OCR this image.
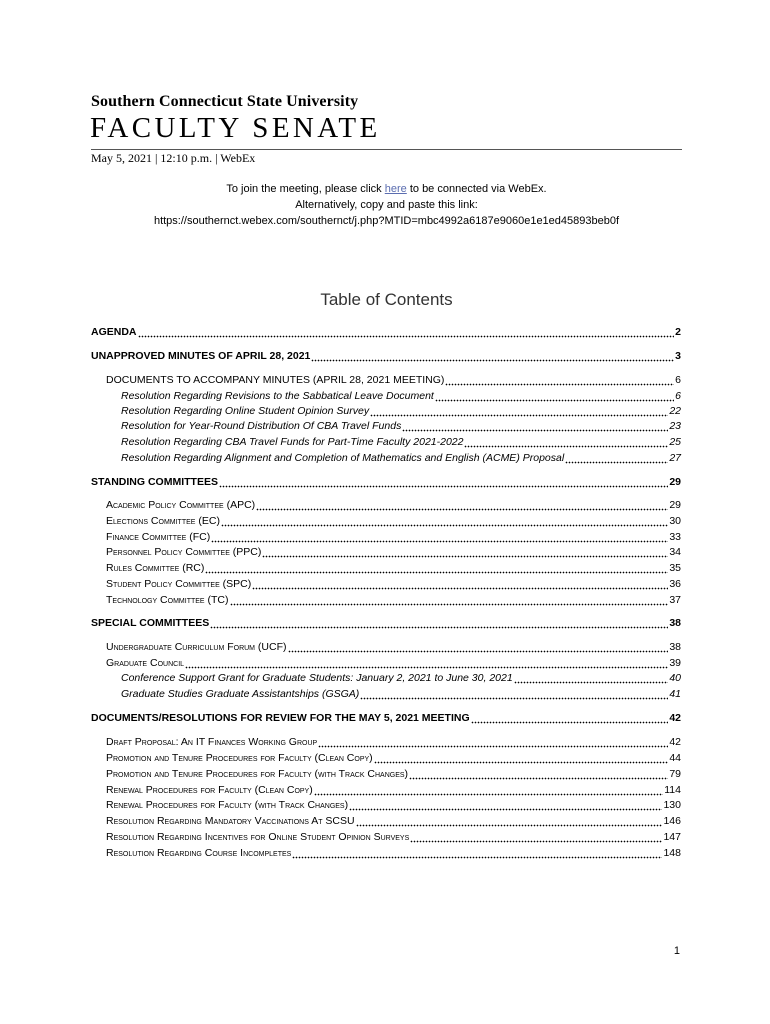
Southern Connecticut State University
FACULTY SENATE
May 5, 2021 | 12:10 p.m. | WebEx
To join the meeting, please click here to be connected via WebEx.
Alternatively, copy and paste this link:
https://southernct.webex.com/southernct/j.php?MTID=mbc4992a6187e9060e1e1ed45893beb0f
Table of Contents
AGENDA	2
UNAPPROVED MINUTES OF APRIL 28, 2021	3
DOCUMENTS TO ACCOMPANY MINUTES (APRIL 28, 2021 MEETING)	6
Resolution Regarding Revisions to the Sabbatical Leave Document	6
Resolution Regarding Online Student Opinion Survey	22
Resolution for Year-Round Distribution Of CBA Travel Funds	23
Resolution Regarding CBA Travel Funds for Part-Time Faculty 2021-2022	25
Resolution Regarding Alignment and Completion of Mathematics and English (ACME) Proposal	27
STANDING COMMITTEES	29
Academic Policy Committee (APC)	29
Elections Committee (EC)	30
Finance Committee (FC)	33
Personnel Policy Committee (PPC)	34
Rules Committee (RC)	35
Student Policy Committee (SPC)	36
Technology Committee (TC)	37
SPECIAL COMMITTEES	38
Undergraduate Curriculum Forum (UCF)	38
Graduate Council	39
Conference Support Grant for Graduate Students: January 2, 2021 to June 30, 2021	40
Graduate Studies Graduate Assistantships (GSGA)	41
DOCUMENTS/RESOLUTIONS FOR REVIEW FOR THE MAY 5, 2021 MEETING	42
Draft Proposal: An IT Finances Working Group	42
Promotion and Tenure Procedures for Faculty (Clean Copy)	44
Promotion and Tenure Procedures for Faculty (with Track Changes)	79
Renewal Procedures for Faculty (Clean Copy)	114
Renewal Procedures for Faculty (with Track Changes)	130
Resolution Regarding Mandatory Vaccinations At SCSU	146
Resolution Regarding Incentives for Online Student Opinion Surveys	147
Resolution Regarding Course Incompletes	148
1
